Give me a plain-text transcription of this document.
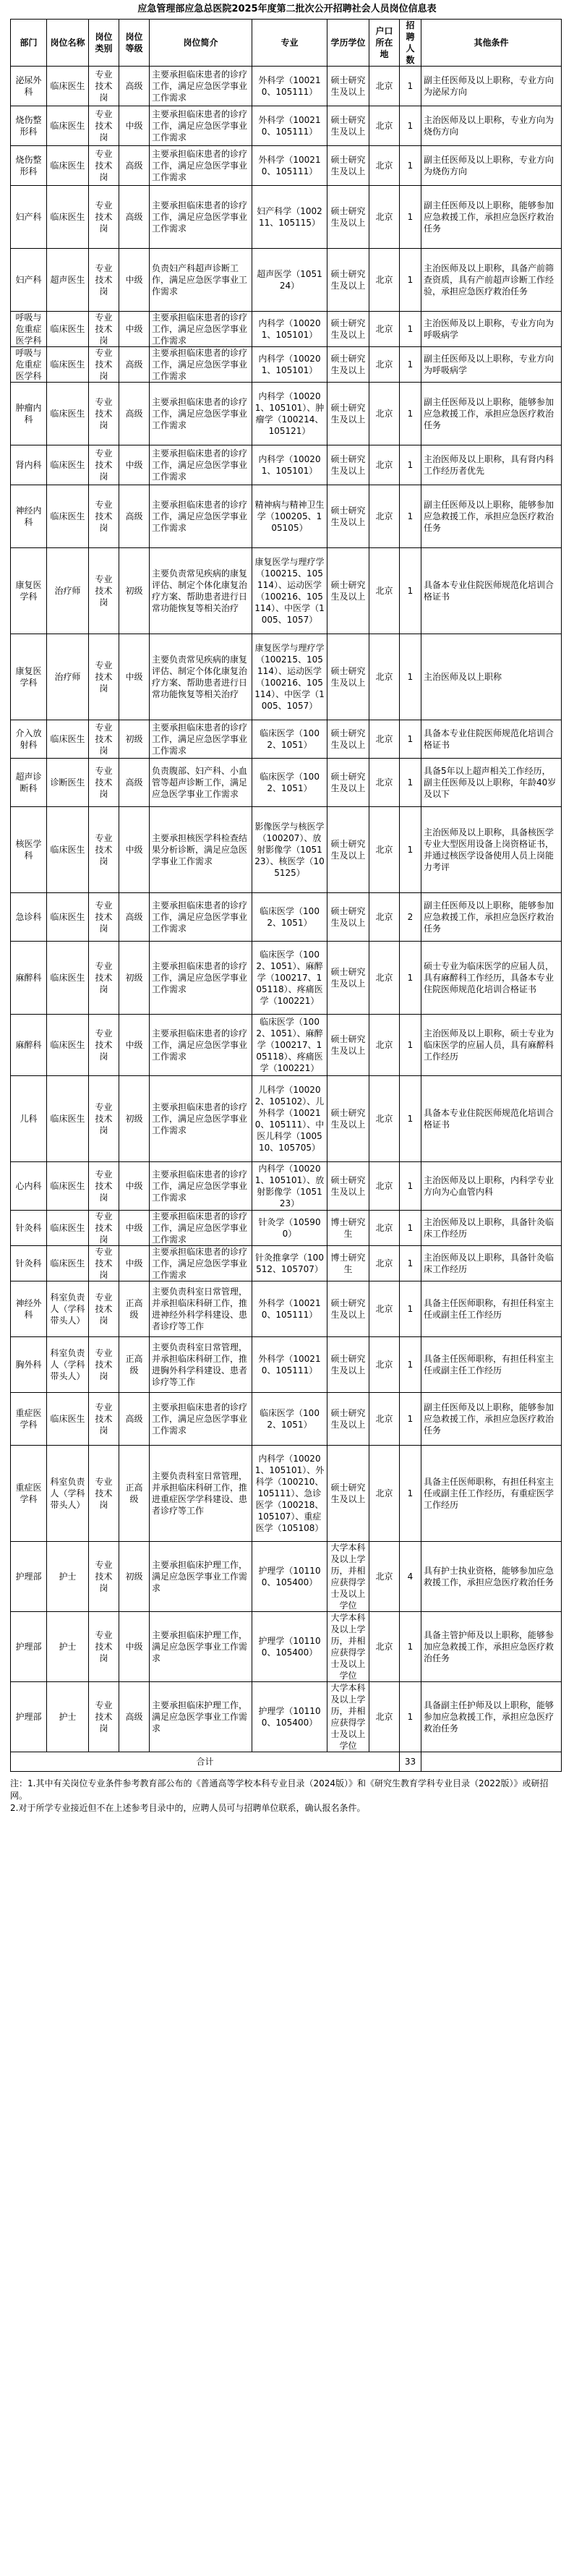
应急管理部应急总医院2025年度第二批次公开招聘社会人员岗位信息表
部门	岗位名称	岗位类别	岗位等级	岗位简介	专业	学历学位	户口所在地	招聘人数	其他条件
泌尿外科	临床医生	专业技术岗	高级	主要承担临床患者的诊疗工作，满足应急医学事业工作需求	外科学（100210、105111）	硕士研究生及以上	北京	1	副主任医师及以上职称，专业方向为泌尿方向
烧伤整形科	临床医生	专业技术岗	中级	主要承担临床患者的诊疗工作，满足应急医学事业工作需求	外科学（100210、105111）	硕士研究生及以上	北京	1	主治医师及以上职称，专业方向为烧伤方向
烧伤整形科	临床医生	专业技术岗	高级	主要承担临床患者的诊疗工作，满足应急医学事业工作需求	外科学（100210、105111）	硕士研究生及以上	北京	1	副主任医师及以上职称，专业方向为烧伤方向
妇产科	临床医生	专业技术岗	高级	主要承担临床患者的诊疗工作，满足应急医学事业工作需求	妇产科学（100211、105115）	硕士研究生及以上	北京	1	副主任医师及以上职称，能够参加应急救援工作，承担应急医疗救治任务
妇产科	超声医生	专业技术岗	中级	负责妇产科超声诊断工作，满足应急医学事业工作需求	超声医学（105124）	硕士研究生及以上	北京	1	主治医师及以上职称，具备产前筛查资质，具有产前超声诊断工作经验，承担应急医疗救治任务
呼吸与危重症医学科	临床医生	专业技术岗	中级	主要承担临床患者的诊疗工作，满足应急医学事业工作需求	内科学（100201、105101）	硕士研究生及以上	北京	1	主治医师及以上职称，专业方向为呼吸病学
呼吸与危重症医学科	临床医生	专业技术岗	高级	主要承担临床患者的诊疗工作，满足应急医学事业工作需求	内科学（100201、105101）	硕士研究生及以上	北京	1	副主任医师及以上职称，专业方向为呼吸病学
肿瘤内科	临床医生	专业技术岗	高级	主要承担临床患者的诊疗工作，满足应急医学事业工作需求	内科学（100201、105101）、肿瘤学（100214、105121）	硕士研究生及以上	北京	1	副主任医师及以上职称，能够参加应急救援工作，承担应急医疗救治任务
肾内科	临床医生	专业技术岗	中级	主要承担临床患者的诊疗工作，满足应急医学事业工作需求	内科学（100201、105101）	硕士研究生及以上	北京	1	主治医师及以上职称，具有肾内科工作经历者优先
神经内科	临床医生	专业技术岗	高级	主要承担临床患者的诊疗工作，满足应急医学事业工作需求	精神病与精神卫生学（100205、105105）	硕士研究生及以上	北京	1	副主任医师及以上职称，能够参加应急救援工作，承担应急医疗救治任务
康复医学科	治疗师	专业技术岗	初级	主要负责常见疾病的康复评估、制定个体化康复治疗方案、帮助患者进行日常功能恢复等相关治疗	康复医学与理疗学（100215、105114）、运动医学（100216、105114）、中医学（1005、1057）	硕士研究生及以上	北京	1	具备本专业住院医师规范化培训合格证书
康复医学科	治疗师	专业技术岗	中级	主要负责常见疾病的康复评估、制定个体化康复治疗方案、帮助患者进行日常功能恢复等相关治疗	康复医学与理疗学（100215、105114）、运动医学（100216、105114）、中医学（1005、1057）	硕士研究生及以上	北京	1	主治医师及以上职称
介入放射科	临床医生	专业技术岗	初级	主要承担临床患者的诊疗工作，满足应急医学事业工作需求	临床医学（1002、1051）	硕士研究生及以上	北京	1	具备本专业住院医师规范化培训合格证书
超声诊断科	诊断医生	专业技术岗	高级	负责腹部、妇产科、小血管等超声诊断工作，满足应急医学事业工作需求	临床医学（1002、1051）	硕士研究生及以上	北京	1	具备5年以上超声相关工作经历，副主任医师及以上职称，年龄40岁及以下
核医学科	临床医生	专业技术岗	中级	主要承担核医学科检查结果分析诊断，满足应急医学事业工作需求	影像医学与核医学（100207）、放射影像学（105123）、核医学（105125）	硕士研究生及以上	北京	1	主治医师及以上职称，具备核医学专业大型医用设备上岗资格证书，并通过核医学设备使用人员上岗能力考评
急诊科	临床医生	专业技术岗	高级	主要承担临床患者的诊疗工作，满足应急医学事业工作需求	临床医学（1002、1051）	硕士研究生及以上	北京	2	副主任医师及以上职称，能够参加应急救援工作，承担应急医疗救治任务
麻醉科	临床医生	专业技术岗	初级	主要承担临床患者的诊疗工作，满足应急医学事业工作需求	临床医学（1002、1051）、麻醉学（100217、105118）、疼痛医学（100221）	硕士研究生及以上	北京	1	硕士专业为临床医学的应届人员，具有麻醉科工作经历，具备本专业住院医师规范化培训合格证书
麻醉科	临床医生	专业技术岗	中级	主要承担临床患者的诊疗工作，满足应急医学事业工作需求	临床医学（1002、1051）、麻醉学（100217、105118）、疼痛医学（100221）	硕士研究生及以上	北京	1	主治医师及以上职称，硕士专业为临床医学的应届人员，具有麻醉科工作经历
儿科	临床医生	专业技术岗	初级	主要承担临床患者的诊疗工作，满足应急医学事业工作需求	儿科学（100202、105102）、儿外科学（100210、105111）、中医儿科学（100510、105705）	硕士研究生及以上	北京	1	具备本专业住院医师规范化培训合格证书
心内科	临床医生	专业技术岗	中级	主要承担临床患者的诊疗工作，满足应急医学事业工作需求	内科学（100201、105101）、放射影像学（105123）	硕士研究生及以上	北京	1	主治医师及以上职称，内科学专业方向为心血管内科
针灸科	临床医生	专业技术岗	中级	主要承担临床患者的诊疗工作，满足应急医学事业工作需求	针灸学（105900）	博士研究生	北京	1	主治医师及以上职称，具备针灸临床工作经历
针灸科	临床医生	专业技术岗	中级	主要承担临床患者的诊疗工作，满足应急医学事业工作需求	针灸推拿学（100512、105707）	博士研究生	北京	1	主治医师及以上职称，具备针灸临床工作经历
神经外科	科室负责人（学科带头人）	专业技术岗	正高级	主要负责科室日常管理，并承担临床科研工作，推进神经外科学科建设、患者诊疗等工作	外科学（100210、105111）	硕士研究生及以上	北京	1	具备主任医师职称，有担任科室主任或副主任工作经历
胸外科	科室负责人（学科带头人）	专业技术岗	正高级	主要负责科室日常管理，并承担临床科研工作，推进胸外科学科建设、患者诊疗等工作	外科学（100210、105111）	硕士研究生及以上	北京	1	具备主任医师职称，有担任科室主任或副主任工作经历
重症医学科	临床医生	专业技术岗	高级	主要承担临床患者的诊疗工作，满足应急医学事业工作需求	临床医学（1002、1051）	硕士研究生及以上	北京	1	副主任医师及以上职称，能够参加应急救援工作，承担应急医疗救治任务
重症医学科	科室负责人（学科带头人）	专业技术岗	正高级	主要负责科室日常管理，并承担临床科研工作，推进重症医学学科建设、患者诊疗等工作	内科学（100201、105101）、外科学（100210、105111）、急诊医学（100218、105107）、重症医学（105108）	硕士研究生及以上	北京	1	具备主任医师职称，有担任科室主任或副主任工作经历，有重症医学工作经历
护理部	护士	专业技术岗	初级	主要承担临床护理工作，满足应急医学事业工作需求	护理学（101100、105400）	大学本科及以上学历，并相应获得学士及以上学位	北京	4	具有护士执业资格，能够参加应急救援工作，承担应急医疗救治任务
护理部	护士	专业技术岗	中级	主要承担临床护理工作，满足应急医学事业工作需求	护理学（101100、105400）	大学本科及以上学历，并相应获得学士及以上学位	北京	1	具备主管护师及以上职称，能够参加应急救援工作，承担应急医疗救治任务
护理部	护士	专业技术岗	高级	主要承担临床护理工作，满足应急医学事业工作需求	护理学（101100、105400）	大学本科及以上学历，并相应获得学士及以上学位	北京	1	具备副主任护师及以上职称，能够参加应急救援工作，承担应急医疗救治任务
合计								33	

注：1.其中有关岗位专业条件参考教育部公布的《普通高等学校本科专业目录（2024版）》和《研究生教育学科专业目录（2022版）》或研招网。

2.对于所学专业接近但不在上述参考目录中的，应聘人员可与招聘单位联系，确认报名条件。
